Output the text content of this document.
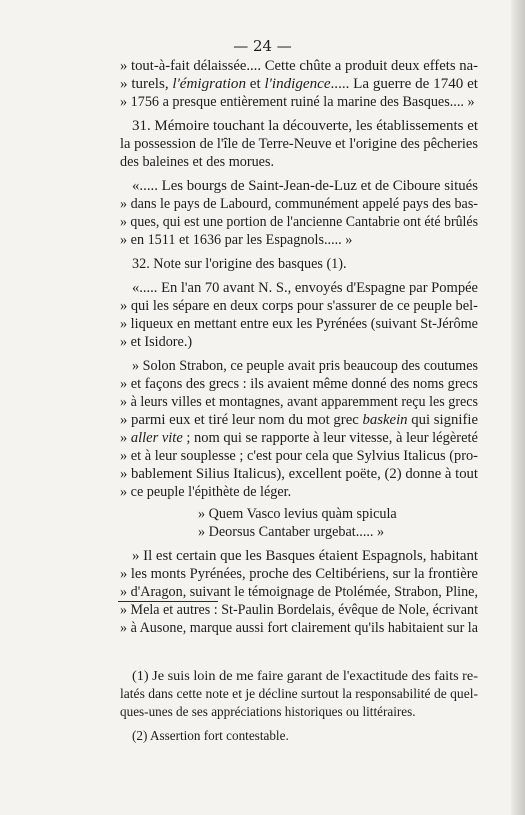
— 24 —
» tout-à-fait délaissée.... Cette chûte a produit deux effets na-
» turels, l'émigration et l'indigence..... La guerre de 1740 et
» 1756 a presque entièrement ruiné la marine des Basques.... »
31. Mémoire touchant la découverte, les établissements et
la possession de l'île de Terre-Neuve et l'origine des pêcheries
des baleines et des morues.
«..... Les bourgs de Saint-Jean-de-Luz et de Ciboure situés
» dans le pays de Labourd, communément appelé pays des bas-
» ques, qui est une portion de l'ancienne Cantabrie ont été brûlés
» en 1511 et 1636 par les Espagnols..... »
32. Note sur l'origine des basques (1).
«..... En l'an 70 avant N. S., envoyés d'Espagne par Pompée
» qui les sépare en deux corps pour s'assurer de ce peuple bel-
» liqueux en mettant entre eux les Pyrénées (suivant St-Jérôme
» et Isidore.)
» Solon Strabon, ce peuple avait pris beaucoup des coutumes
» et façons des grecs : ils avaient même donné des noms grecs
» à leurs villes et montagnes, avant apparemment reçu les grecs
» parmi eux et tiré leur nom du mot grec baskein qui signifie
» aller vite ; nom qui se rapporte à leur vitesse, à leur légèreté
» et à leur souplesse ; c'est pour cela que Sylvius Italicus (pro-
» bablement Silius Italicus), excellent poëte, (2) donne à tout
» ce peuple l'épithète de léger.
» Quem Vasco levius quàm spicula
» Deorsus Cantaber urgebat..... »
» Il est certain que les Basques étaient Espagnols, habitant
» les monts Pyrénées, proche des Celtibériens, sur la frontière
» d'Aragon, suivant le témoignage de Ptolémée, Strabon, Pline,
» Mela et autres : St-Paulin Bordelais, évêque de Nole, écrivant
» à Ausone, marque aussi fort clairement qu'ils habitaient sur la
(1) Je suis loin de me faire garant de l'exactitude des faits re-
latés dans cette note et je décline surtout la responsabilité de quel-
ques-unes de ses appréciations historiques ou littéraires.
(2) Assertion fort contestable.
